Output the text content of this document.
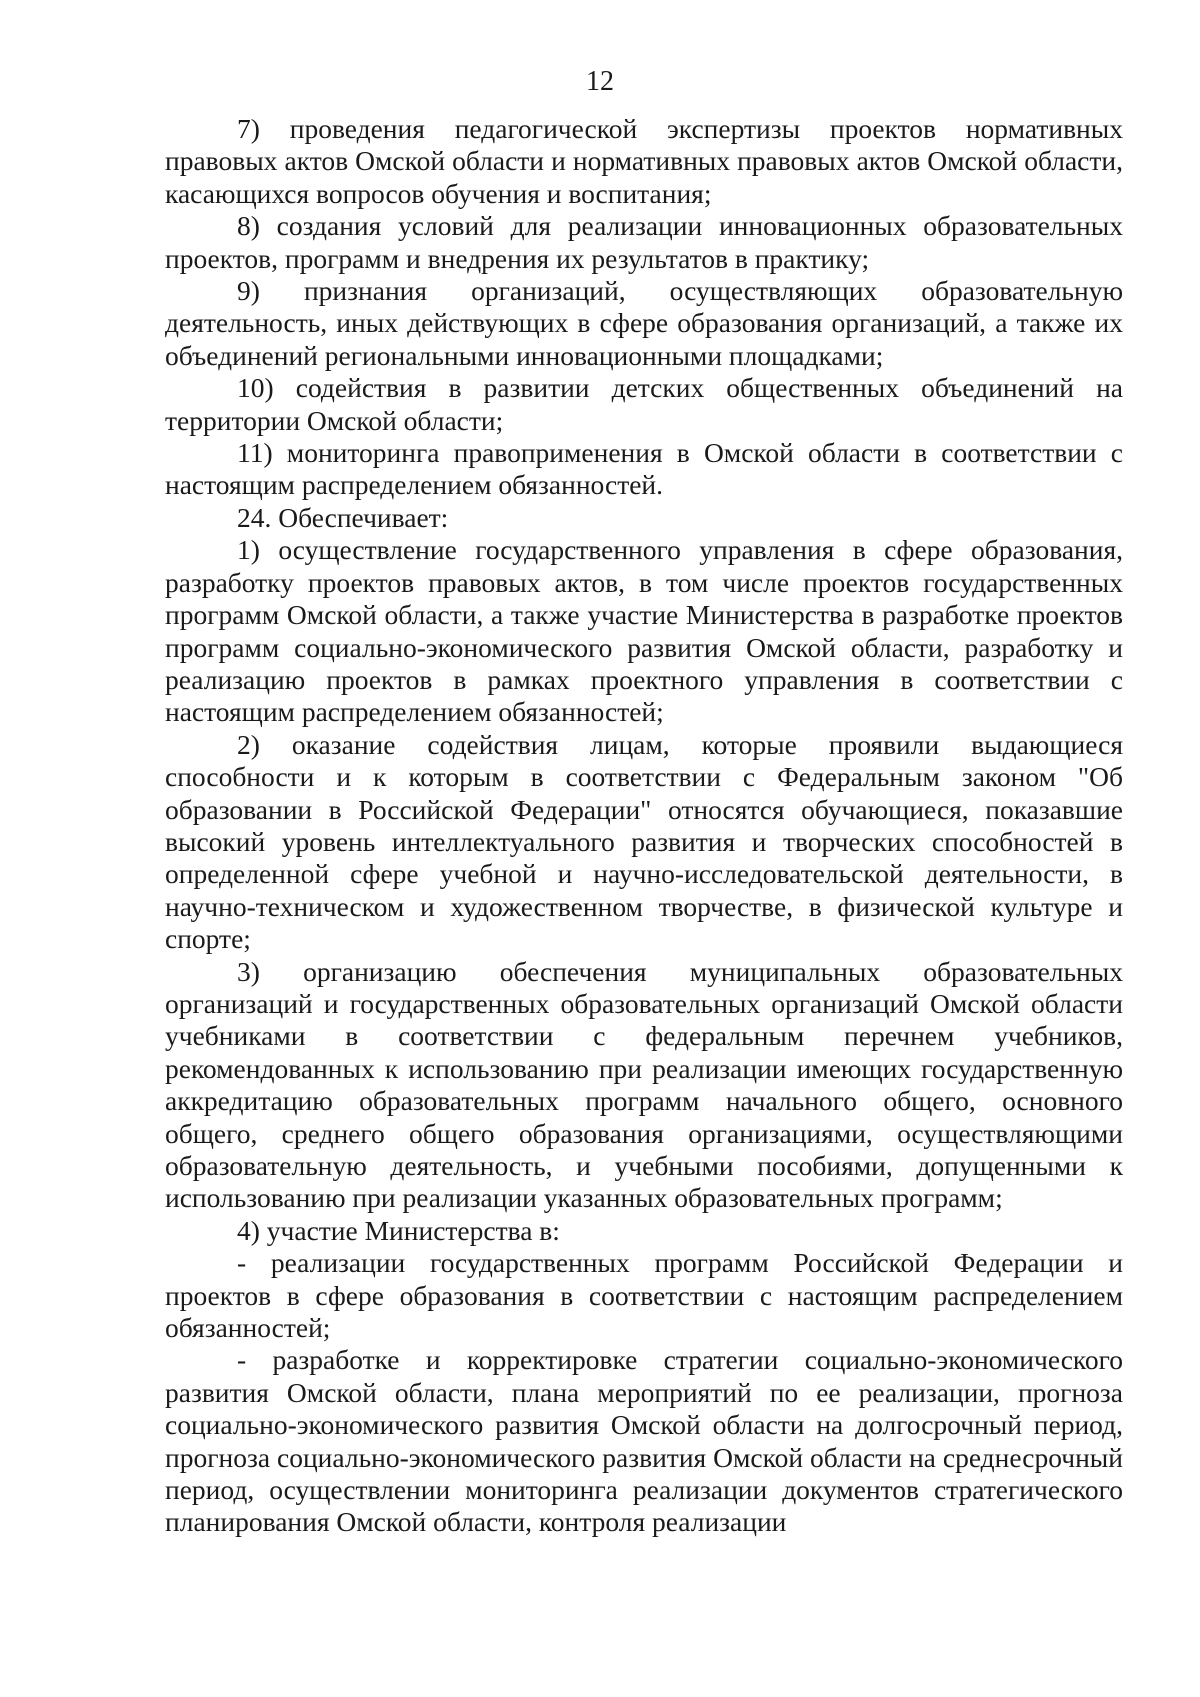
12

7) проведения педагогической экспертизы проектов нормативных правовых актов Омской области и нормативных правовых актов Омской области, касающихся вопросов обучения и воспитания;

8) создания условий для реализации инновационных образовательных проектов, программ и внедрения их результатов в практику;

9) признания организаций, осуществляющих образовательную деятельность, иных действующих в сфере образования организаций, а также их объединений региональными инновационными площадками;

10) содействия в развитии детских общественных объединений на территории Омской области;

11) мониторинга правоприменения в Омской области в соответствии с настоящим распределением обязанностей.

24. Обеспечивает:

1) осуществление государственного управления в сфере образования, разработку проектов правовых актов, в том числе проектов государственных программ Омской области, а также участие Министерства в разработке проектов программ социально-экономического развития Омской области, разработку и реализацию проектов в рамках проектного управления в соответствии с настоящим распределением обязанностей;

2) оказание содействия лицам, которые проявили выдающиеся способности и к которым в соответствии с Федеральным законом "Об образовании в Российской Федерации" относятся обучающиеся, показавшие высокий уровень интеллектуального развития и творческих способностей в определенной сфере учебной и научно-исследовательской деятельности, в научно-техническом и художественном творчестве, в физической культуре и спорте;

3) организацию обеспечения муниципальных образовательных организаций и государственных образовательных организаций Омской области учебниками в соответствии с федеральным перечнем учебников, рекомендованных к использованию при реализации имеющих государственную аккредитацию образовательных программ начального общего, основного общего, среднего общего образования организациями, осуществляющими образовательную деятельность, и учебными пособиями, допущенными к использованию при реализации указанных образовательных программ;

4) участие Министерства в:

- реализации государственных программ Российской Федерации и проектов в сфере образования в соответствии с настоящим распределением обязанностей;

- разработке и корректировке стратегии социально-экономического развития Омской области, плана мероприятий по ее реализации, прогноза социально-экономического развития Омской области на долгосрочный период, прогноза социально-экономического развития Омской области на среднесрочный период, осуществлении мониторинга реализации документов стратегического планирования Омской области, контроля реализации
